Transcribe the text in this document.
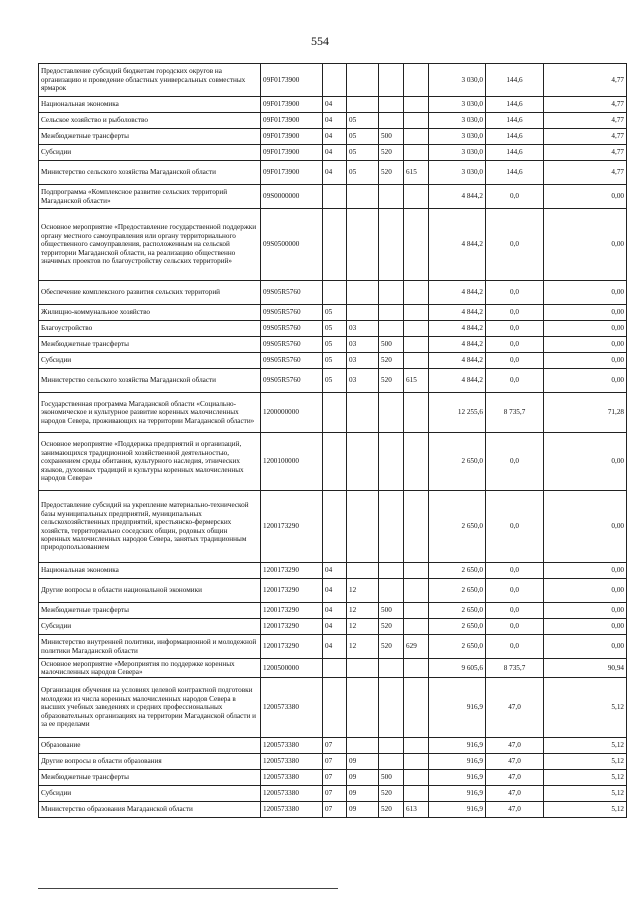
554
Предоставление субсидий бюджетам городских округов на организацию и проведение областных универсальных совместных ярмарок	09F0173900					3 030,0	144,6	4,77
Национальная экономика	09F0173900	04				3 030,0	144,6	4,77
Сельское хозяйство и рыболовство	09F0173900	04	05			3 030,0	144,6	4,77
Межбюджетные трансферты	09F0173900	04	05	500		3 030,0	144,6	4,77
Субсидии	09F0173900	04	05	520		3 030,0	144,6	4,77
Министерство сельского хозяйства Магаданской области	09F0173900	04	05	520	615	3 030,0	144,6	4,77
Подпрограмма «Комплексное развитие сельских территорий Магаданской области»	09S0000000					4 844,2	0,0	0,00
Основное мероприятие «Предоставление государственной поддержки органу местного самоуправления или органу территориального общественного самоуправления, расположенным на сельской территории Магаданской области, на реализацию общественно значимых проектов по благоустройству сельских территорий»	09S0500000					4 844,2	0,0	0,00
Обеспечение комплексного развития сельских территорий	09S05R5760					4 844,2	0,0	0,00
Жилищно-коммунальное хозяйство	09S05R5760	05				4 844,2	0,0	0,00
Благоустройство	09S05R5760	05	03			4 844,2	0,0	0,00
Межбюджетные трансферты	09S05R5760	05	03	500		4 844,2	0,0	0,00
Субсидии	09S05R5760	05	03	520		4 844,2	0,0	0,00
Министерство сельского хозяйства Магаданской области	09S05R5760	05	03	520	615	4 844,2	0,0	0,00
Государственная программа Магаданской области «Социально-экономическое и культурное развитие коренных малочисленных народов Севера, проживающих на территории Магаданской области»	1200000000					12 255,6	8 735,7	71,28
Основное мероприятие «Поддержка предприятий и организаций, занимающихся традиционной хозяйственной деятельностью, сохранением среды обитания, культурного наследия, этнических языков, духовных традиций и культуры коренных малочисленных народов Севера»	1200100000					2 650,0	0,0	0,00
Предоставление субсидий на укрепление материально-технической базы муниципальных предприятий, муниципальных сельскохозяйственных предприятий, крестьянско-фермерских хозяйств, территориально соседских общин, родовых общин коренных малочисленных народов Севера, занятых традиционным природопользованием	1200173290					2 650,0	0,0	0,00
Национальная экономика	1200173290	04				2 650,0	0,0	0,00
Другие вопросы в области национальной экономики	1200173290	04	12			2 650,0	0,0	0,00
Межбюджетные трансферты	1200173290	04	12	500		2 650,0	0,0	0,00
Субсидии	1200173290	04	12	520		2 650,0	0,0	0,00
Министерство внутренней политики, информационной и молодежной политики Магаданской области	1200173290	04	12	520	629	2 650,0	0,0	0,00
Основное мероприятие «Мероприятия по поддержке коренных малочисленных народов Севера»	1200500000					9 605,6	8 735,7	90,94
Организация обучения на условиях целевой контрактной подготовки молодежи из числа коренных малочисленных народов Севера в высших учебных заведениях и средних профессиональных образовательных организациях на территории Магаданской области и за ее пределами	1200573380					916,9	47,0	5,12
Образование	1200573380	07				916,9	47,0	5,12
Другие вопросы в области образования	1200573380	07	09			916,9	47,0	5,12
Межбюджетные трансферты	1200573380	07	09	500		916,9	47,0	5,12
Субсидии	1200573380	07	09	520		916,9	47,0	5,12
Министерство образования Магаданской области	1200573380	07	09	520	613	916,9	47,0	5,12
